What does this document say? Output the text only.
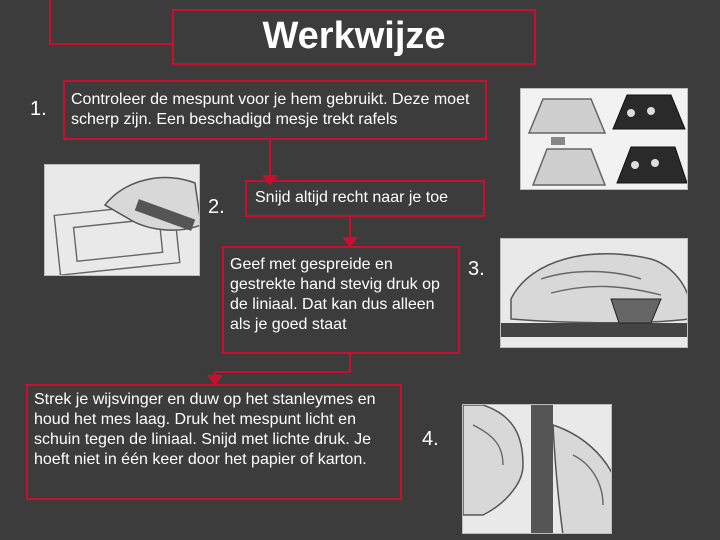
Werkwijze
1.	Controleer de mespunt voor je hem gebruikt. Deze moet scherp zijn. Een beschadigd mesje trekt rafels
2.	Snijd altijd recht naar je toe
Geef met gespreide en gestrekte hand stevig druk op de liniaal. Dat kan dus alleen als je goed staat
3.
Strek je wijsvinger en duw op het stanleymes en houd het mes laag. Druk het mespunt licht en schuin tegen de liniaal. Snijd met lichte druk. Je hoeft niet in één keer door het papier of karton.
4.
